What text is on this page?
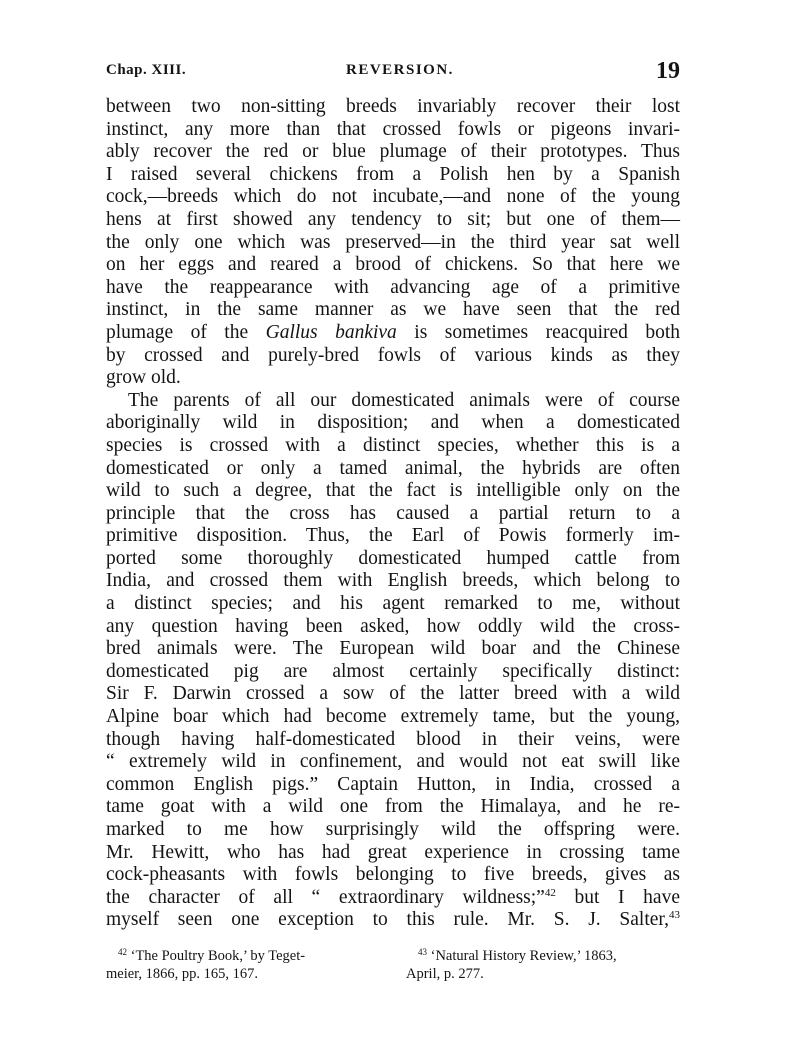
Chap. XIII.	REVERSION.	19
between two non-sitting breeds invariably recover their lost
instinct, any more than that crossed fowls or pigeons invari-
ably recover the red or blue plumage of their prototypes. Thus
I raised several chickens from a Polish hen by a Spanish
cock,—breeds which do not incubate,—and none of the young
hens at first showed any tendency to sit; but one of them—
the only one which was preserved—in the third year sat well
on her eggs and reared a brood of chickens. So that here we
have the reappearance with advancing age of a primitive
instinct, in the same manner as we have seen that the red
plumage of the Gallus bankiva is sometimes reacquired both
by crossed and purely-bred fowls of various kinds as they
grow old.
The parents of all our domesticated animals were of course
aboriginally wild in disposition; and when a domesticated
species is crossed with a distinct species, whether this is a
domesticated or only a tamed animal, the hybrids are often
wild to such a degree, that the fact is intelligible only on the
principle that the cross has caused a partial return to a
primitive disposition. Thus, the Earl of Powis formerly im-
ported some thoroughly domesticated humped cattle from
India, and crossed them with English breeds, which belong to
a distinct species; and his agent remarked to me, without
any question having been asked, how oddly wild the cross-
bred animals were. The European wild boar and the Chinese
domesticated pig are almost certainly specifically distinct:
Sir F. Darwin crossed a sow of the latter breed with a wild
Alpine boar which had become extremely tame, but the young,
though having half-domesticated blood in their veins, were
“ extremely wild in confinement, and would not eat swill like
common English pigs.” Captain Hutton, in India, crossed a
tame goat with a wild one from the Himalaya, and he re-
marked to me how surprisingly wild the offspring were.
Mr. Hewitt, who has had great experience in crossing tame
cock-pheasants with fowls belonging to five breeds, gives as
the character of all “ extraordinary wildness;”$^{42}$ but I have
myself seen one exception to this rule. Mr. S. J. Salter,$^{43}$
$^{42}$ ‘The Poultry Book,’ by Teget-
meier, 1866, pp. 165, 167.
$^{43}$ ‘Natural History Review,’ 1863,
April, p. 277.
